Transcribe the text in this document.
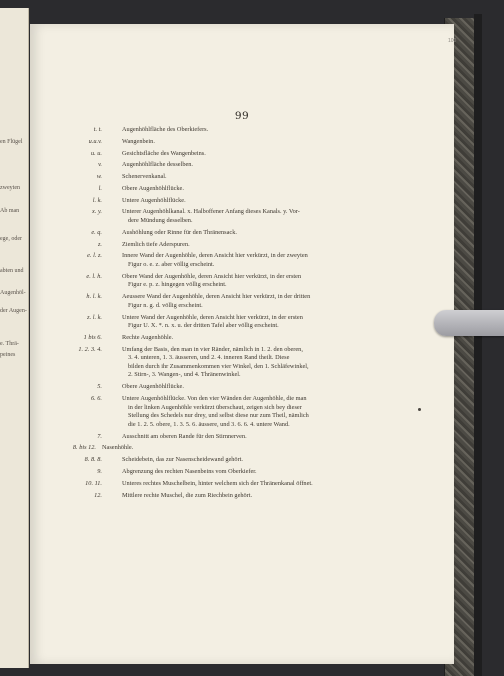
en Flügel
zweyten
Ab man
ege, oder
abten und
Augenhöl-
der Augen-
e. Thrä-
peines
100
99
t. t.	Augenhöhlfläche des Oberkiefers.
u.u.v.	Wangenbein.
u. u.	Gesichtsfläche des Wangenbeins.
v.	Augenhöhlfläche desselben.
w.	Schenervenkanal.
l.	Obere Augenhöhlflücke.
l. k.	Untere Augenhöhlflücke.
x. y.	Unterer Augenhöhlkanal. x. Halboffener Anfang dieses Kanals. y. Vor-
dere Mündung desselben.
e. q.	Aushöhlung oder Rinne für den Thränensack.
z.	Ziemlich tiefe Aderspuren.
e. l. z.	Innere Wand der Augenhöhle, deren Ansicht hier verkürzt, in der zweyten
Figur o. e. z. aber völlig erscheint.
e. l. h.	Obere Wand der Augenhöhle, deren Ansicht hier verkürzt, in der ersten
Figur e. p. z. hingegen völlig erscheint.
h. l. k.	Aeussere Wand der Augenhöhle, deren Ansicht hier verkürzt, in der dritten
Figur n. g. d. völlig erscheint.
z. l. k.	Untere Wand der Augenhöhle, deren Ansicht hier verkürzt, in der ersten
Figur U. X. *. n. x. u. der dritten Tafel aber völlig erscheint.
1 bis 6.	Rechte Augenhöhle.
1. 2. 3. 4.	Umfang der Basis, den man in vier Ränder, nämlich in 1. 2. den oberen,
3. 4. unteren, 1. 3. äusseren, und 2. 4. inneren Rand theilt. Diese
bilden durch ihr Zusammenkommen vier Winkel, den 1. Schläfewinkel,
2. Stirn-, 3. Wangen-, und 4. Thränenwinkel.
5.	Obere Augenhöhlflücke.
6. 6.	Untere Augenhöhlflücke. Von den vier Wänden der Augenhöhle, die man
in der linken Augenhöhle verkürzt überschaut, zeigen sich bey dieser
Stellung des Schedels nur drey, und selbst diese nur zum Theil, nämlich
die 1. 2. 5. obere, 1. 3. 5. 6. äussere, und 3. 6. 6. 4. untere Wand.
7.	Ausschnitt am oberen Rande für den Stirnnerven.
8. bis 12. Nasenhöhle.
8. 8. 8.	Scheidebein, das zur Nasenscheidewand gehört.
9.	Abgrenzung des rechten Nasenbeins vom Oberkiefer.
10. 11.	Unteres rechtes Muschelbein, hinter welchem sich der Thränenkanal öffnet.
12.	Mittlere rechte Muschel, die zum Riechbein gehört.
